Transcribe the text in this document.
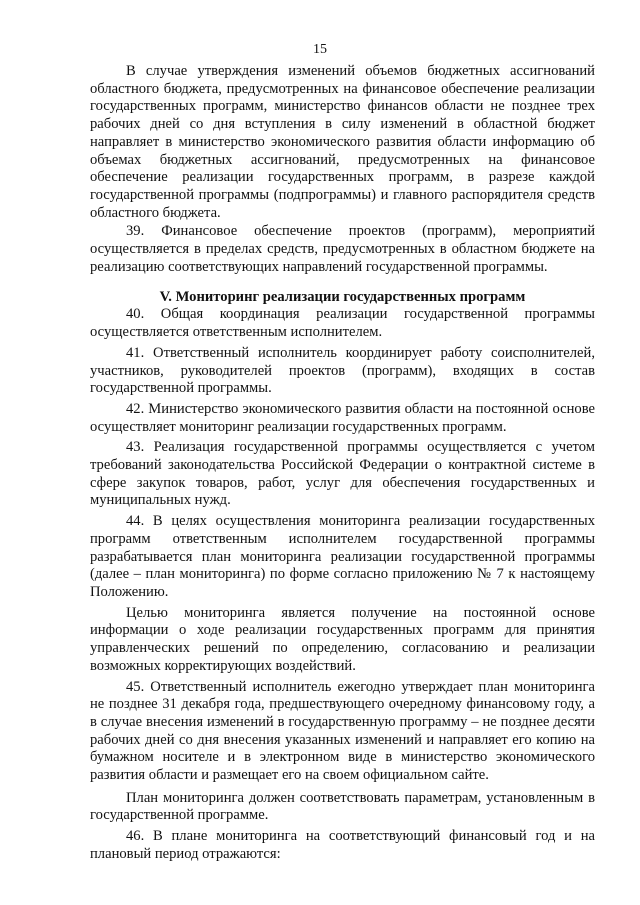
15

В случае утверждения изменений объемов бюджетных ассигнований областного бюджета, предусмотренных на финансовое обеспечение реализации государственных программ, министерство финансов области не позднее трех рабочих дней со дня вступления в силу изменений в областной бюджет направляет в министерство экономического развития области информацию об объемах бюджетных ассигнований, предусмотренных на финансовое обеспечение реализации государственных программ, в разрезе каждой государственной программы (подпрограммы) и главного распорядителя средств областного бюджета.

39. Финансовое обеспечение проектов (программ), мероприятий осуществляется в пределах средств, предусмотренных в областном бюджете на реализацию соответствующих направлений государственной программы.

V. Мониторинг реализации государственных программ

40. Общая координация реализации государственной программы осуществляется ответственным исполнителем.

41. Ответственный исполнитель координирует работу соисполнителей, участников, руководителей проектов (программ), входящих в состав государственной программы.

42. Министерство экономического развития области на постоянной основе осуществляет мониторинг реализации государственных программ.

43. Реализация государственной программы осуществляется с учетом требований законодательства Российской Федерации о контрактной системе в сфере закупок товаров, работ, услуг для обеспечения государственных и муниципальных нужд.

44. В целях осуществления мониторинга реализации государственных программ ответственным исполнителем государственной программы разрабатывается план мониторинга реализации государственной программы (далее – план мониторинга) по форме согласно приложению № 7 к настоящему Положению.

Целью мониторинга является получение на постоянной основе информации о ходе реализации государственных программ для принятия управленческих решений по определению, согласованию и реализации возможных корректирующих воздействий.

45. Ответственный исполнитель ежегодно утверждает план мониторинга не позднее 31 декабря года, предшествующего очередному финансовому году, а в случае внесения изменений в государственную программу – не позднее десяти рабочих дней со дня внесения указанных изменений и направляет его копию на бумажном носителе и в электронном виде в министерство экономического развития области и размещает его на своем официальном сайте.

План мониторинга должен соответствовать параметрам, установленным в государственной программе.

46. В плане мониторинга на соответствующий финансовый год и на плановый период отражаются:
